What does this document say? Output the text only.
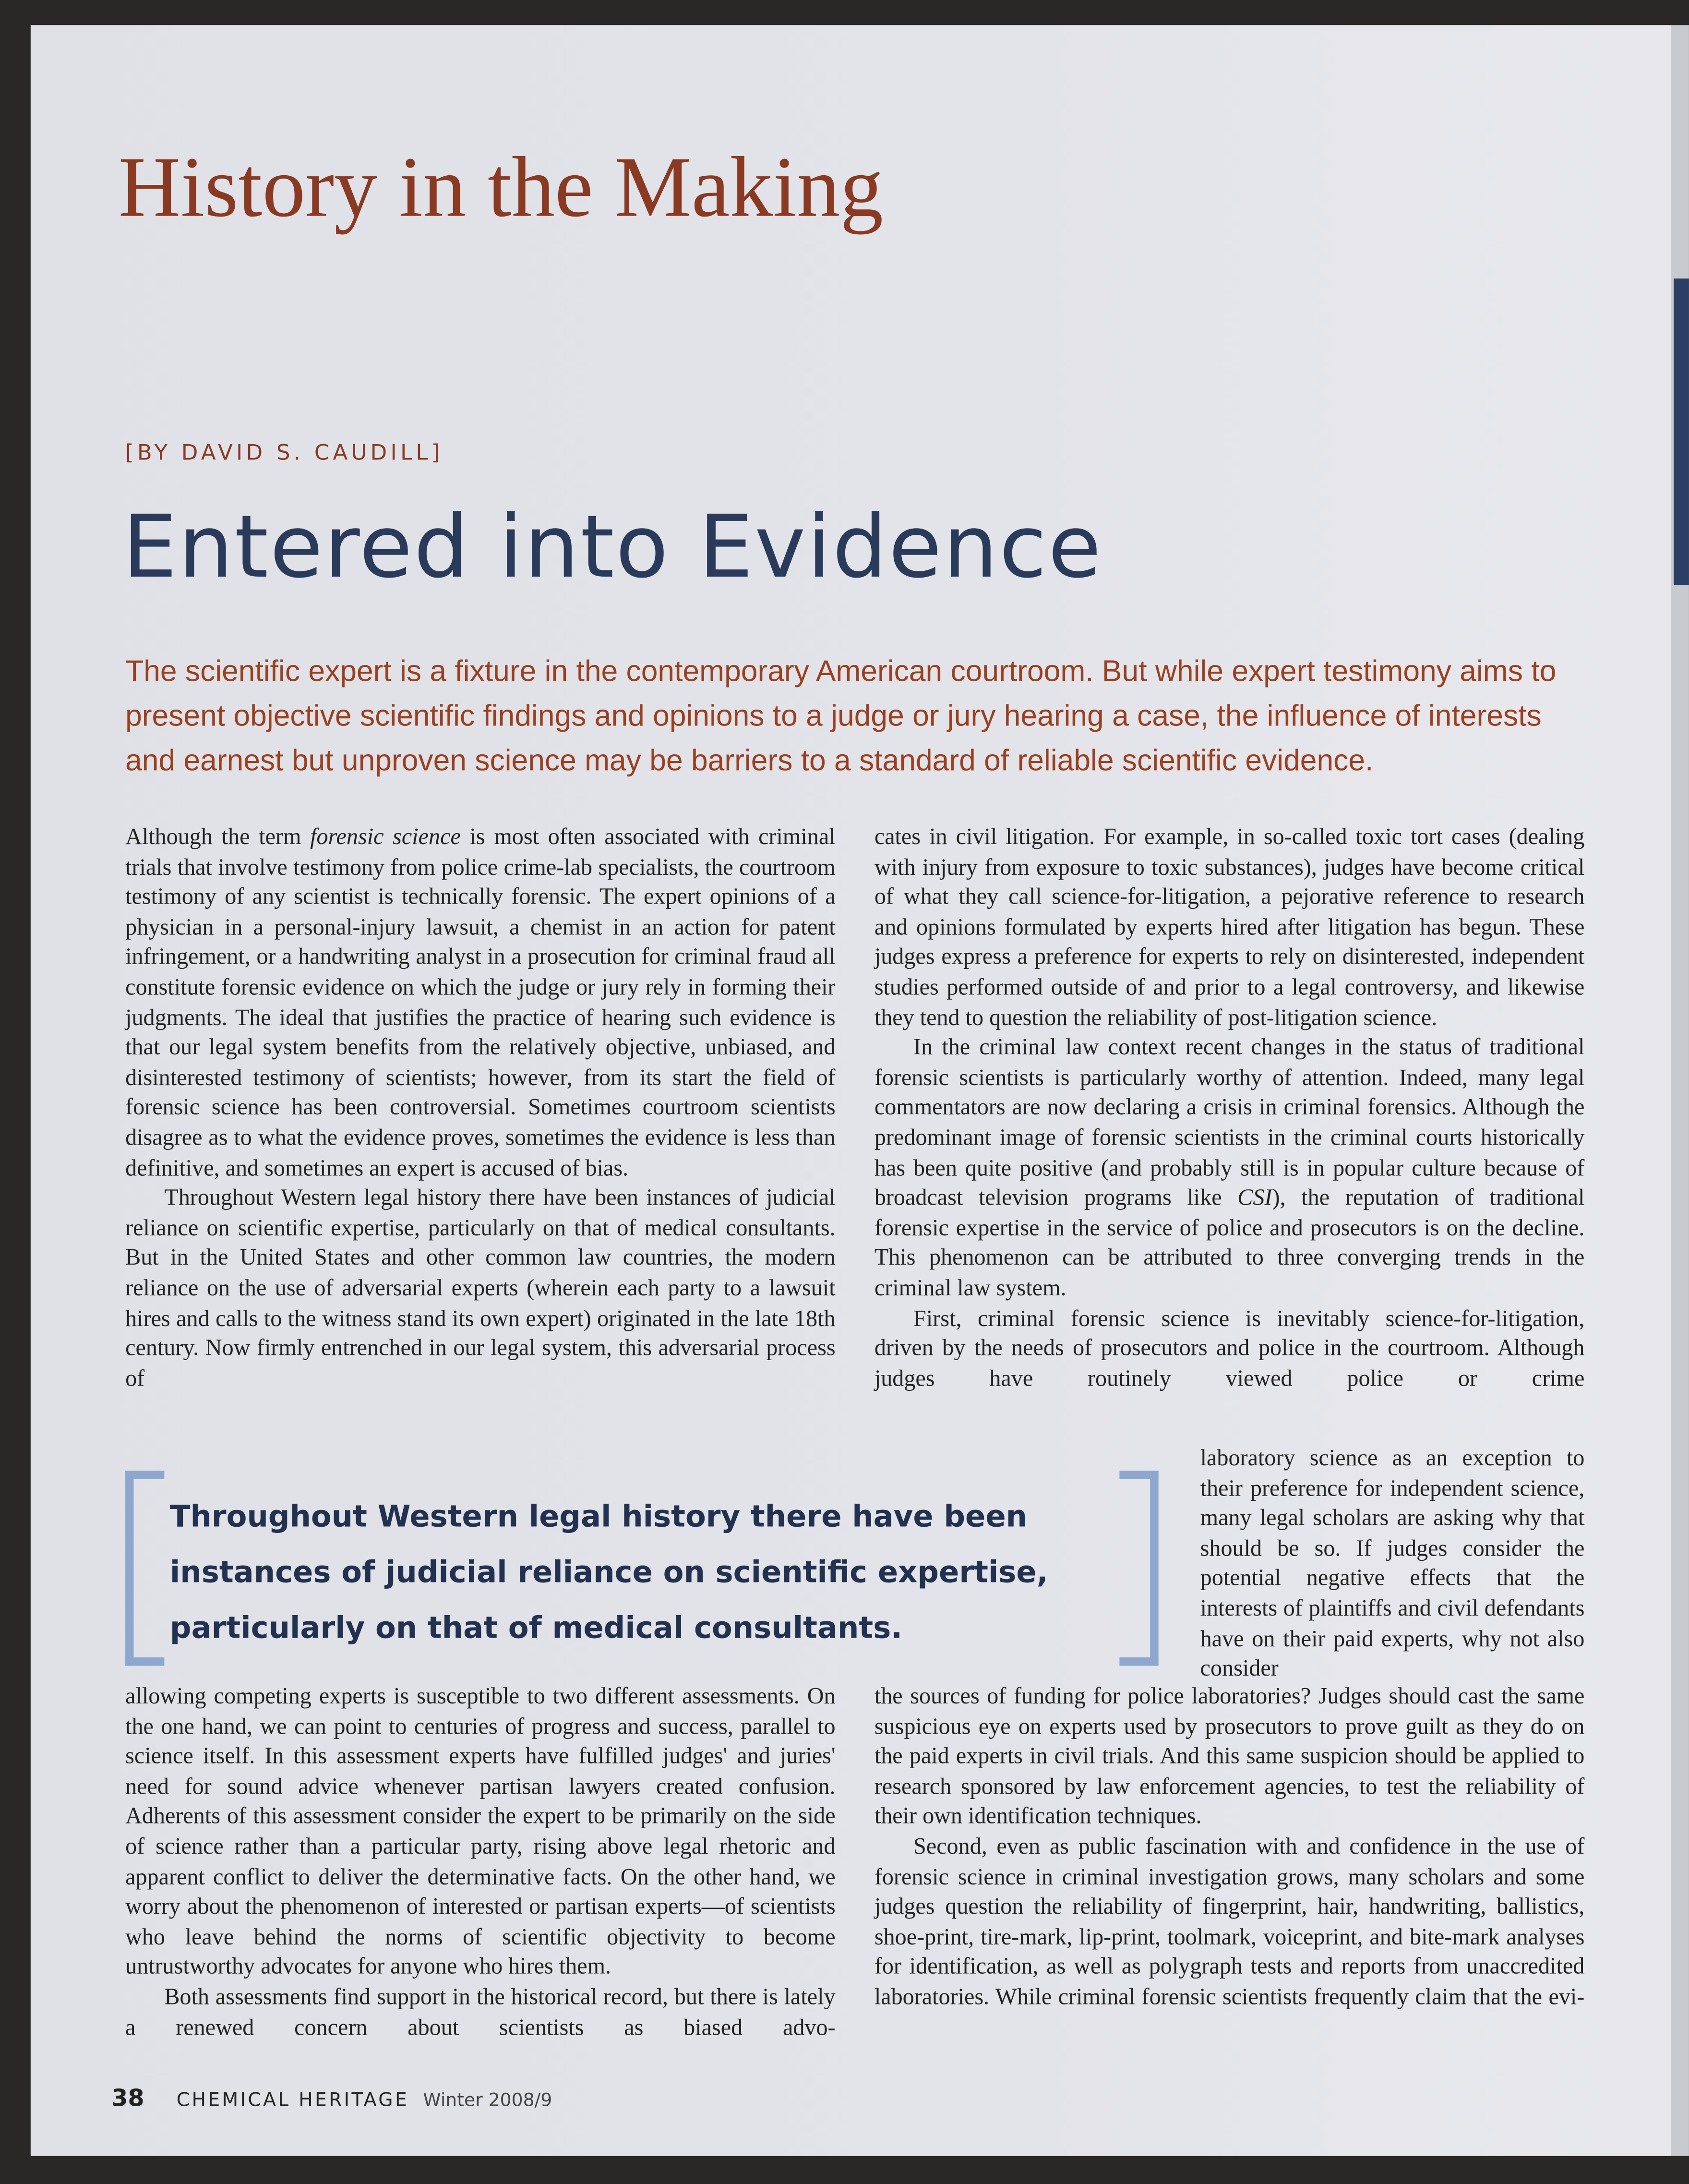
History in the Making
[BY DAVID S. CAUDILL]
Entered into Evidence
The scientific expert is a fixture in the contemporary American courtroom. But while expert testimony aims to present objective scientific findings and opinions to a judge or jury hearing a case, the influence of interests and earnest but unproven science may be barriers to a standard of reliable scientific evidence.

Although the term forensic science is most often associated with criminal trials that involve testimony from police crime-lab specialists, the courtroom testimony of any scientist is technically forensic. The expert opinions of a physician in a personal-injury lawsuit, a chemist in an action for patent infringement, or a handwriting analyst in a prosecution for criminal fraud all constitute forensic evidence on which the judge or jury rely in forming their judgments. The ideal that justifies the practice of hearing such evidence is that our legal system benefits from the relatively objective, unbiased, and disinterested testimony of scientists; however, from its start the field of forensic science has been controversial. Sometimes courtroom scientists disagree as to what the evidence proves, sometimes the evidence is less than definitive, and sometimes an expert is accused of bias.

Throughout Western legal history there have been instances of judicial reliance on scientific expertise, particularly on that of medical consultants. But in the United States and other common law countries, the modern reliance on the use of adversarial experts (wherein each party to a lawsuit hires and calls to the witness stand its own expert) originated in the late 18th century. Now firmly entrenched in our legal system, this adversarial process of

Throughout Western legal history there have been instances of judicial reliance on scientific expertise, particularly on that of medical consultants.

allowing competing experts is susceptible to two different assessments. On the one hand, we can point to centuries of progress and success, parallel to science itself. In this assessment experts have fulfilled judges' and juries' need for sound advice whenever partisan lawyers created confusion. Adherents of this assessment consider the expert to be primarily on the side of science rather than a particular party, rising above legal rhetoric and apparent conflict to deliver the determinative facts. On the other hand, we worry about the phenomenon of interested or partisan experts—of scientists who leave behind the norms of scientific objectivity to become untrustworthy advocates for anyone who hires them.

Both assessments find support in the historical record, but there is lately a renewed concern about scientists as biased advo-

cates in civil litigation. For example, in so-called toxic tort cases (dealing with injury from exposure to toxic substances), judges have become critical of what they call science-for-litigation, a pejorative reference to research and opinions formulated by experts hired after litigation has begun. These judges express a preference for experts to rely on disinterested, independent studies performed outside of and prior to a legal controversy, and likewise they tend to question the reliability of post-litigation science.

In the criminal law context recent changes in the status of traditional forensic scientists is particularly worthy of attention. Indeed, many legal commentators are now declaring a crisis in criminal forensics. Although the predominant image of forensic scientists in the criminal courts historically has been quite positive (and probably still is in popular culture because of broadcast television programs like CSI), the reputation of traditional forensic expertise in the service of police and prosecutors is on the decline. This phenomenon can be attributed to three converging trends in the criminal law system.

First, criminal forensic science is inevitably science-for-litigation, driven by the needs of prosecutors and police in the courtroom. Although judges have routinely viewed police or crime

laboratory science as an exception to their preference for independent science, many legal scholars are asking why that should be so. If judges consider the potential negative effects that the interests of plaintiffs and civil defendants have on their paid experts, why not also consider

the sources of funding for police laboratories? Judges should cast the same suspicious eye on experts used by prosecutors to prove guilt as they do on the paid experts in civil trials. And this same suspicion should be applied to research sponsored by law enforcement agencies, to test the reliability of their own identification techniques.

Second, even as public fascination with and confidence in the use of forensic science in criminal investigation grows, many scholars and some judges question the reliability of fingerprint, hair, handwriting, ballistics, shoe-print, tire-mark, lip-print, toolmark, voiceprint, and bite-mark analyses for identification, as well as polygraph tests and reports from unaccredited laboratories. While criminal forensic scientists frequently claim that the evi-

38	CHEMICAL HERITAGE Winter 2008/9
